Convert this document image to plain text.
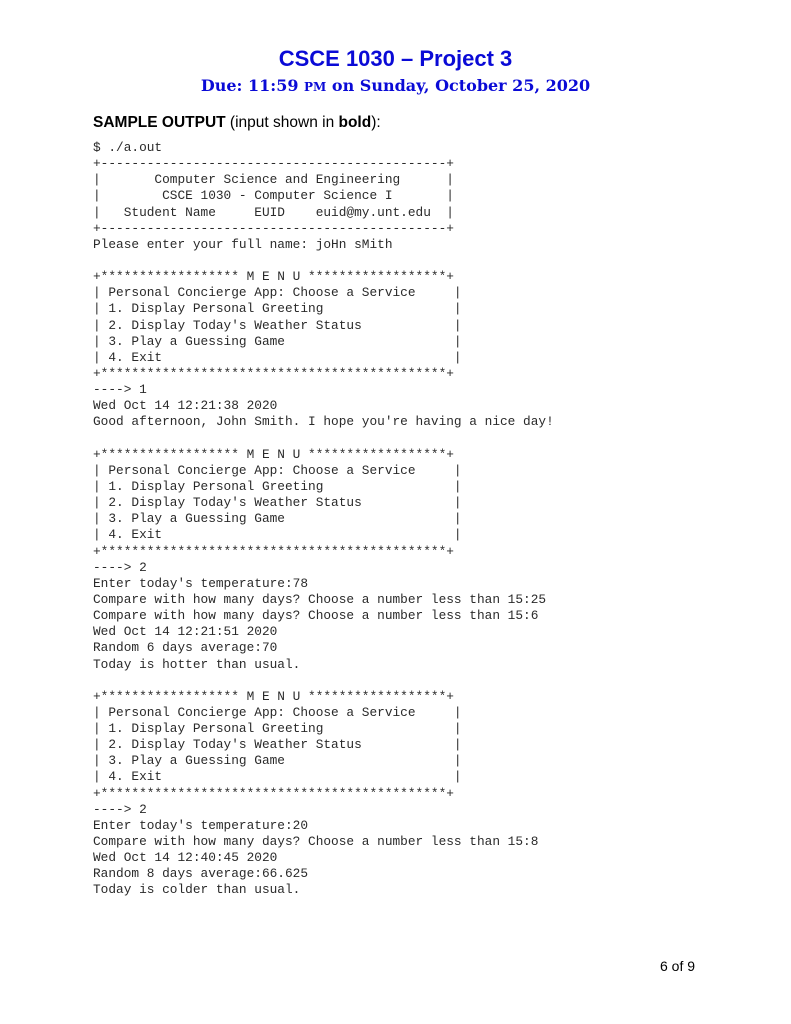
CSCE 1030 – Project 3

Due: 11:59 PM on Sunday, October 25, 2020

SAMPLE OUTPUT (input shown in bold):

$ ./a.out
+---------------------------------------------+
|       Computer Science and Engineering      |
|        CSCE 1030 - Computer Science I       |
|   Student Name     EUID    euid@my.unt.edu  |
+---------------------------------------------+
Please enter your full name: joHn sMith
+****************** M E N U ******************+
| Personal Concierge App: Choose a Service     |
| 1. Display Personal Greeting                 |
| 2. Display Today's Weather Status            |
| 3. Play a Guessing Game                      |
| 4. Exit                                      |
+*********************************************+
----> 1
Wed Oct 14 12:21:38 2020
Good afternoon, John Smith. I hope you're having a nice day!
+****************** M E N U ******************+
| Personal Concierge App: Choose a Service     |
| 1. Display Personal Greeting                 |
| 2. Display Today's Weather Status            |
| 3. Play a Guessing Game                      |
| 4. Exit                                      |
+*********************************************+
----> 2
Enter today's temperature:78
Compare with how many days? Choose a number less than 15:25
Compare with how many days? Choose a number less than 15:6
Wed Oct 14 12:21:51 2020
Random 6 days average:70
Today is hotter than usual.
+****************** M E N U ******************+
| Personal Concierge App: Choose a Service     |
| 1. Display Personal Greeting                 |
| 2. Display Today's Weather Status            |
| 3. Play a Guessing Game                      |
| 4. Exit                                      |
+*********************************************+
----> 2
Enter today's temperature:20
Compare with how many days? Choose a number less than 15:8
Wed Oct 14 12:40:45 2020
Random 8 days average:66.625
Today is colder than usual.

6 of 9
